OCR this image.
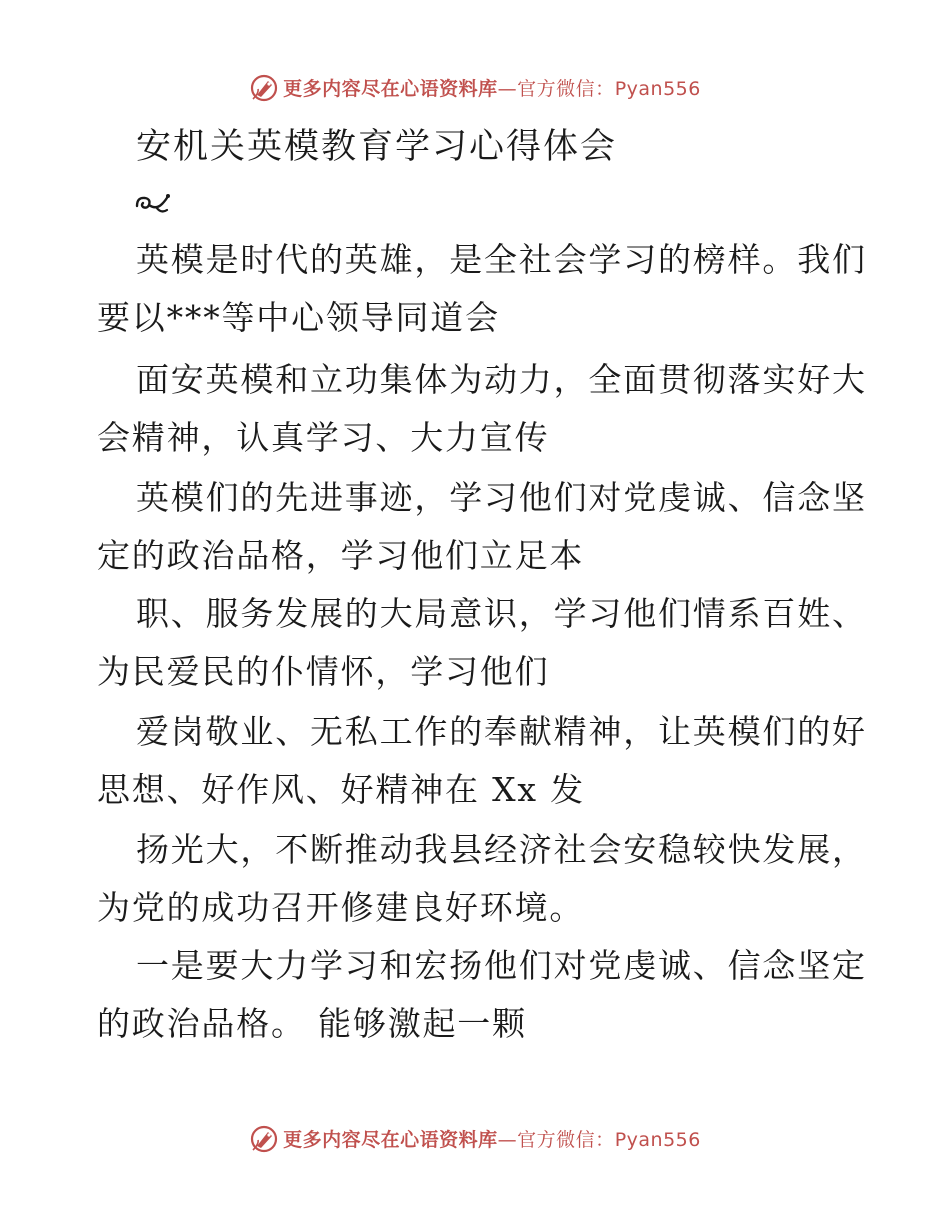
更多内容尽在心语资料库—官方微信：Pyan556
安机关英模教育学习心得体会
英模是时代的英雄，是全社会学习的榜样。我们
要以***等中心领导同道会
面安英模和立功集体为动力，全面贯彻落实好大
会精神，认真学习、大力宣传
英模们的先进事迹，学习他们对党虔诚、信念坚
定的政治品格，学习他们立足本
职、服务发展的大局意识，学习他们情系百姓、
为民爱民的仆情怀，学习他们
爱岗敬业、无私工作的奉献精神，让英模们的好
思想、好作风、好精神在 Xx 发
扬光大，不断推动我县经济社会安稳较快发展，
为党的成功召开修建良好环境。
一是要大力学习和宏扬他们对党虔诚、信念坚定
的政治品格。 能够激起一颗
更多内容尽在心语资料库—官方微信：Pyan556
